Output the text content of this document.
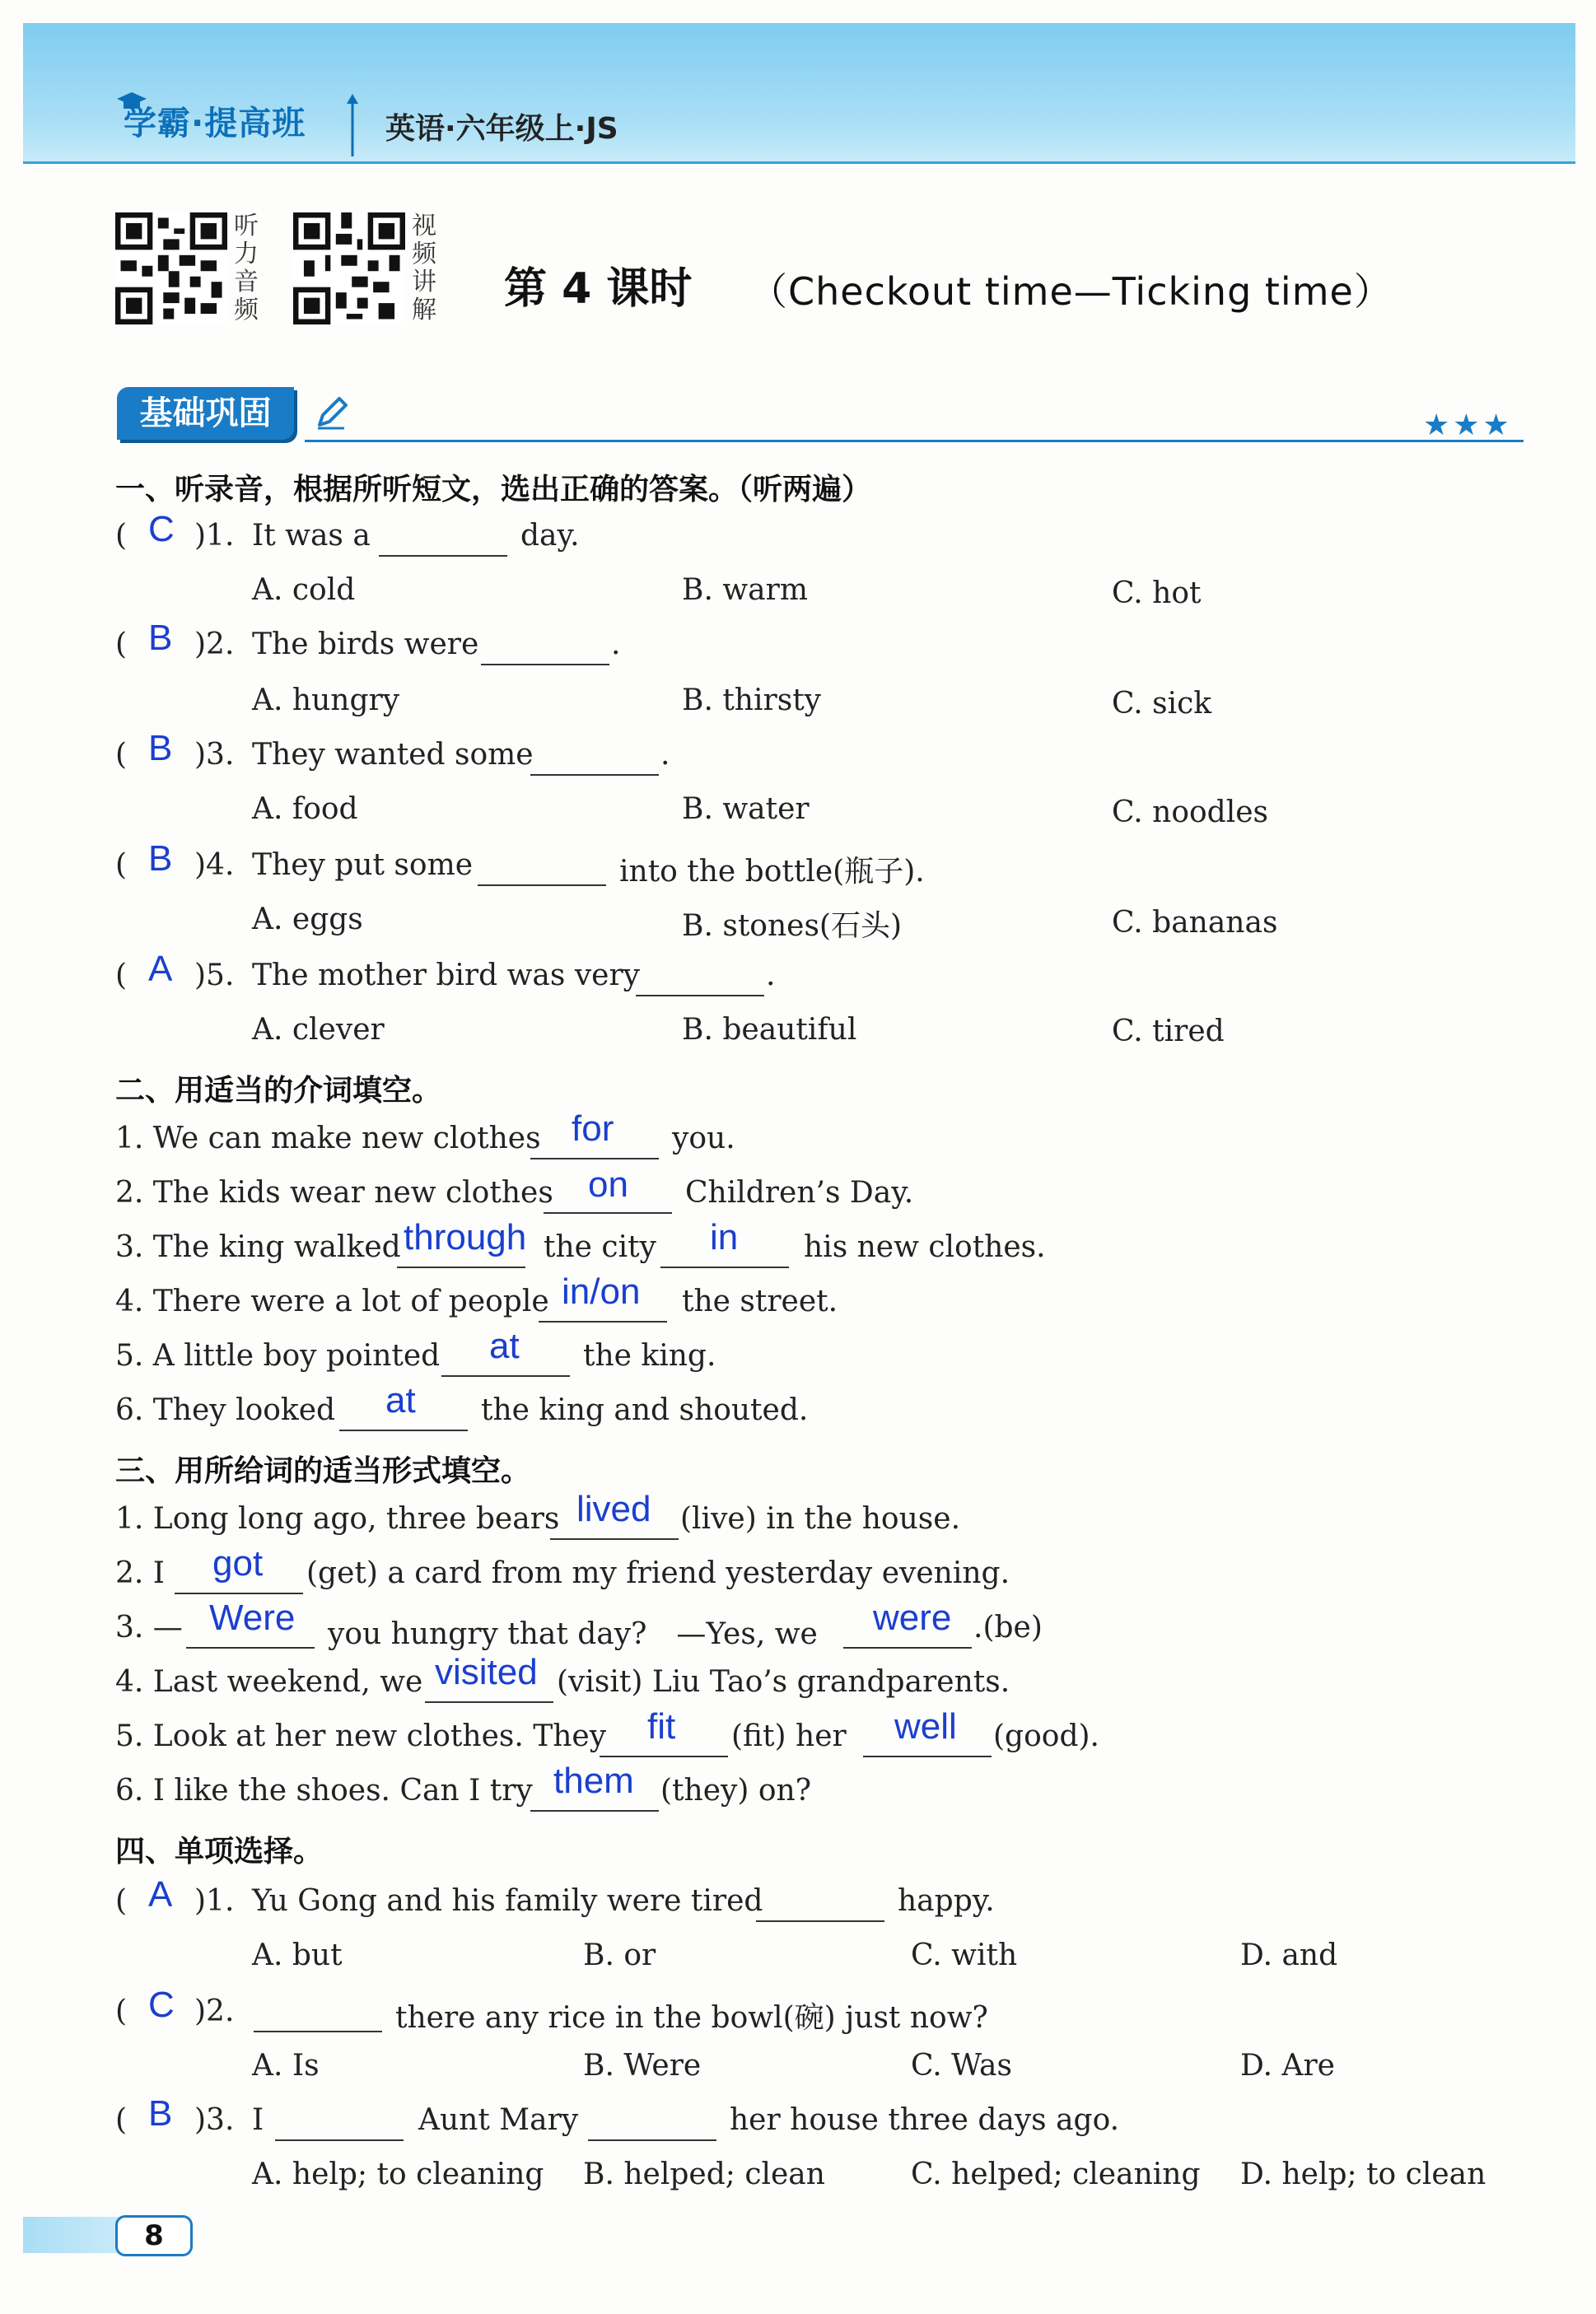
学霸·提高班	英语·六年级上·JS
听力音频
视频讲解 第 4 课时 （Checkout time—Ticking time）
基础巩固	★★★
一、听录音，根据所听短文，选出正确的答案。（听两遍）
( C )1. It was a	day.
A. cold	B. warm	C. hot
( B )2. The birds were	.
A. hungry	B. thirsty	C. sick
( B )3. They wanted some	.
A. food	B. water	C. noodles
( B )4. They put some	into the bottle(瓶子).
A. eggs	B. stones(石头)	C. bananas
( A )5. The mother bird was very	.
A. clever	B. beautiful	C. tired
二、用适当的介词填空。
1. We can make new clothes for you.
2. The kids wear new clothes on Children’s Day.
3. The king walked through the city in his new clothes.
4. There were a lot of people in/on the street.
5. A little boy pointed at the king.
6. They looked at the king and shouted.
三、用所给词的适当形式填空。
1. Long long ago, three bears lived (live) in the house.
2. I got (get) a card from my friend yesterday evening.
3. — Were you hungry that day?　—Yes, we were .(be)
4. Last weekend, we visited (visit) Liu Tao’s grandparents.
5. Look at her new clothes. They fit (fit) her well (good).
6. I like the shoes. Can I try them (they) on?
四、单项选择。
( A )1. Yu Gong and his family were tired	happy.
A. but	B. or	C. with	D. and
( C )2.	there any rice in the bowl(碗) just now?
A. Is	B. Were	C. Was	D. Are
( B )3. I	Aunt Mary	her house three days ago.
A. help; to cleaning B. helped; clean	C. helped; cleaning D. help; to clean
8
